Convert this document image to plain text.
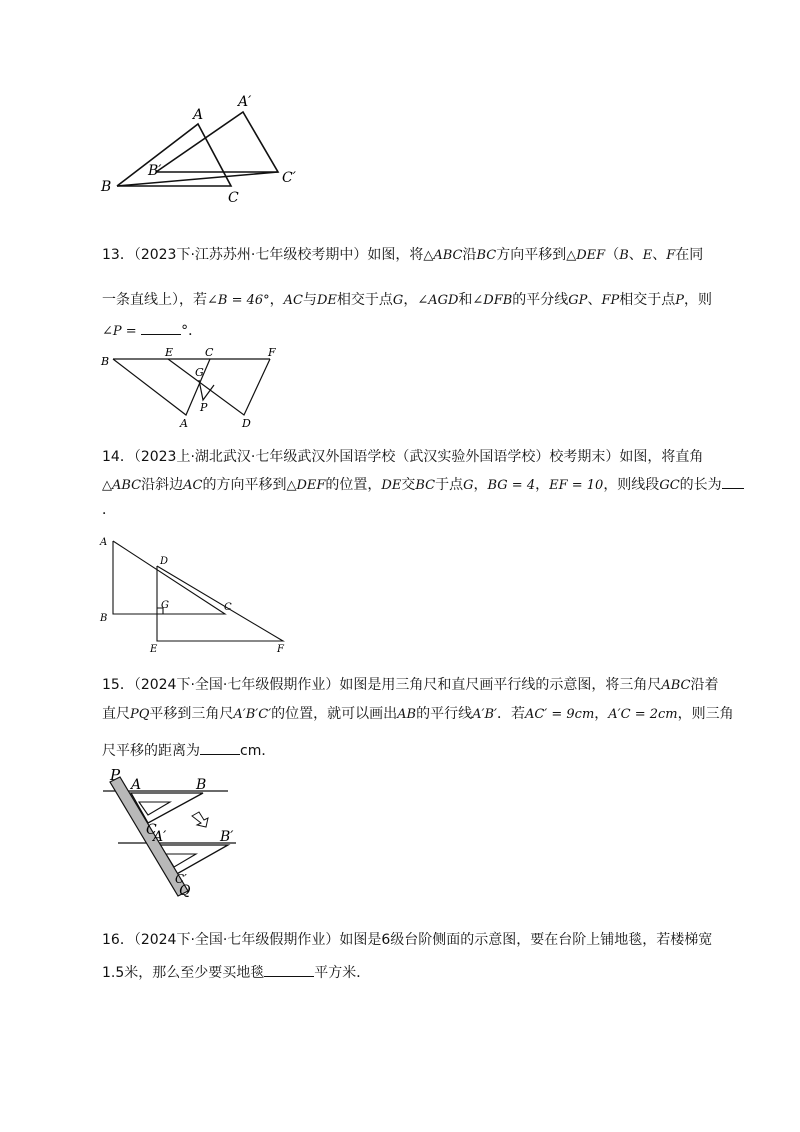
A
A′
B
B′
C
C′
13．（2023下·江苏苏州·七年级校考期中）如图，将△ABC沿BC方向平移到△DEF（B、E、F在同
一条直线上），若∠B = 46°，AC与DE相交于点G，∠AGD和∠DFB的平分线GP、FP相交于点P，则
∠P =	°．
B
E	C	F
G
P
A	D
14．（2023上·湖北武汉·七年级武汉外国语学校（武汉实验外国语学校）校考期末）如图，将直角
△ABC沿斜边AC的方向平移到△DEF的位置，DE交BC于点G，BG = 4，EF = 10，则线段GC的长为
．
A
D
G	C
B
E	F
15．（2024下·全国·七年级假期作业）如图是用三角尺和直尺画平行线的示意图，将三角尺ABC沿着
直尺PQ平移到三角尺A′B′C′的位置，就可以画出AB的平行线A′B′．若AC′ = 9cm，A′C = 2cm，则三角
尺平移的距离为	cm．
P
A	B
C
A′	B′
C′
Q
16．（2024下·全国·七年级假期作业）如图是6级台阶侧面的示意图，要在台阶上铺地毯，若楼梯宽
1.5米，那么至少要买地毯	平方米．
